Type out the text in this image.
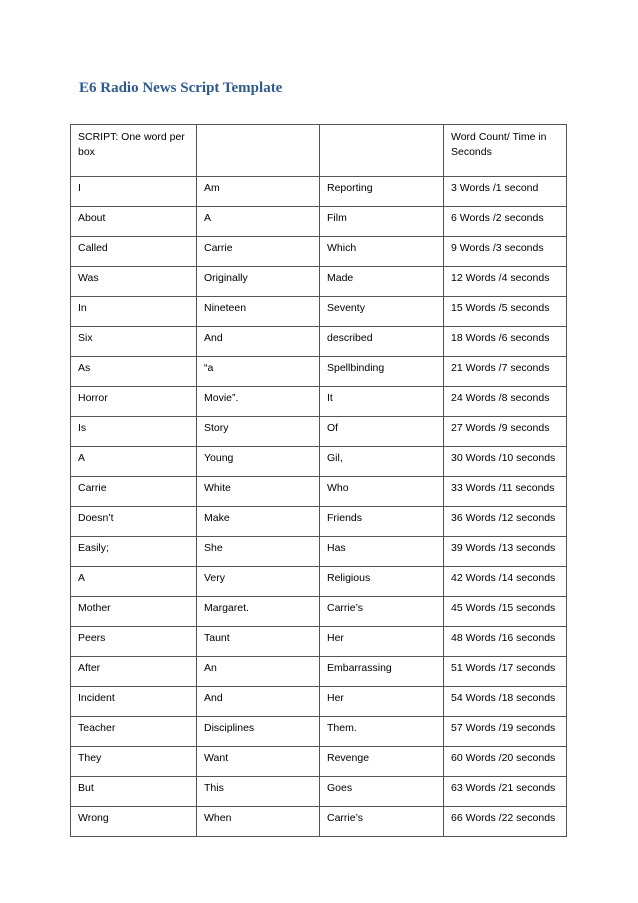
E6 Radio News Script Template
SCRIPT: One word per box			Word Count/ Time in Seconds
I	Am	Reporting	3 Words /1 second
About	A	Film	6 Words /2 seconds
Called	Carrie	Which	9 Words /3 seconds
Was	Originally	Made	12 Words /4 seconds
In	Nineteen	Seventy	15 Words /5 seconds
Six	And	described	18 Words /6 seconds
As	“a	Spellbinding	21 Words /7 seconds
Horror	Movie”.	It	24 Words /8 seconds
Is	Story	Of	27 Words /9 seconds
A	Young	Gil,	30 Words /10 seconds
Carrie	White	Who	33 Words /11 seconds
Doesn’t	Make	Friends	36 Words /12 seconds
Easily;	She	Has	39 Words /13 seconds
A	Very	Religious	42 Words /14 seconds
Mother	Margaret.	Carrie’s	45 Words /15 seconds
Peers	Taunt	Her	48 Words /16 seconds
After	An	Embarrassing	51 Words /17 seconds
Incident	And	Her	54 Words /18 seconds
Teacher	Disciplines	Them.	57 Words /19 seconds
They	Want	Revenge	60 Words /20 seconds
But	This	Goes	63 Words /21 seconds
Wrong	When	Carrie’s	66 Words /22 seconds
